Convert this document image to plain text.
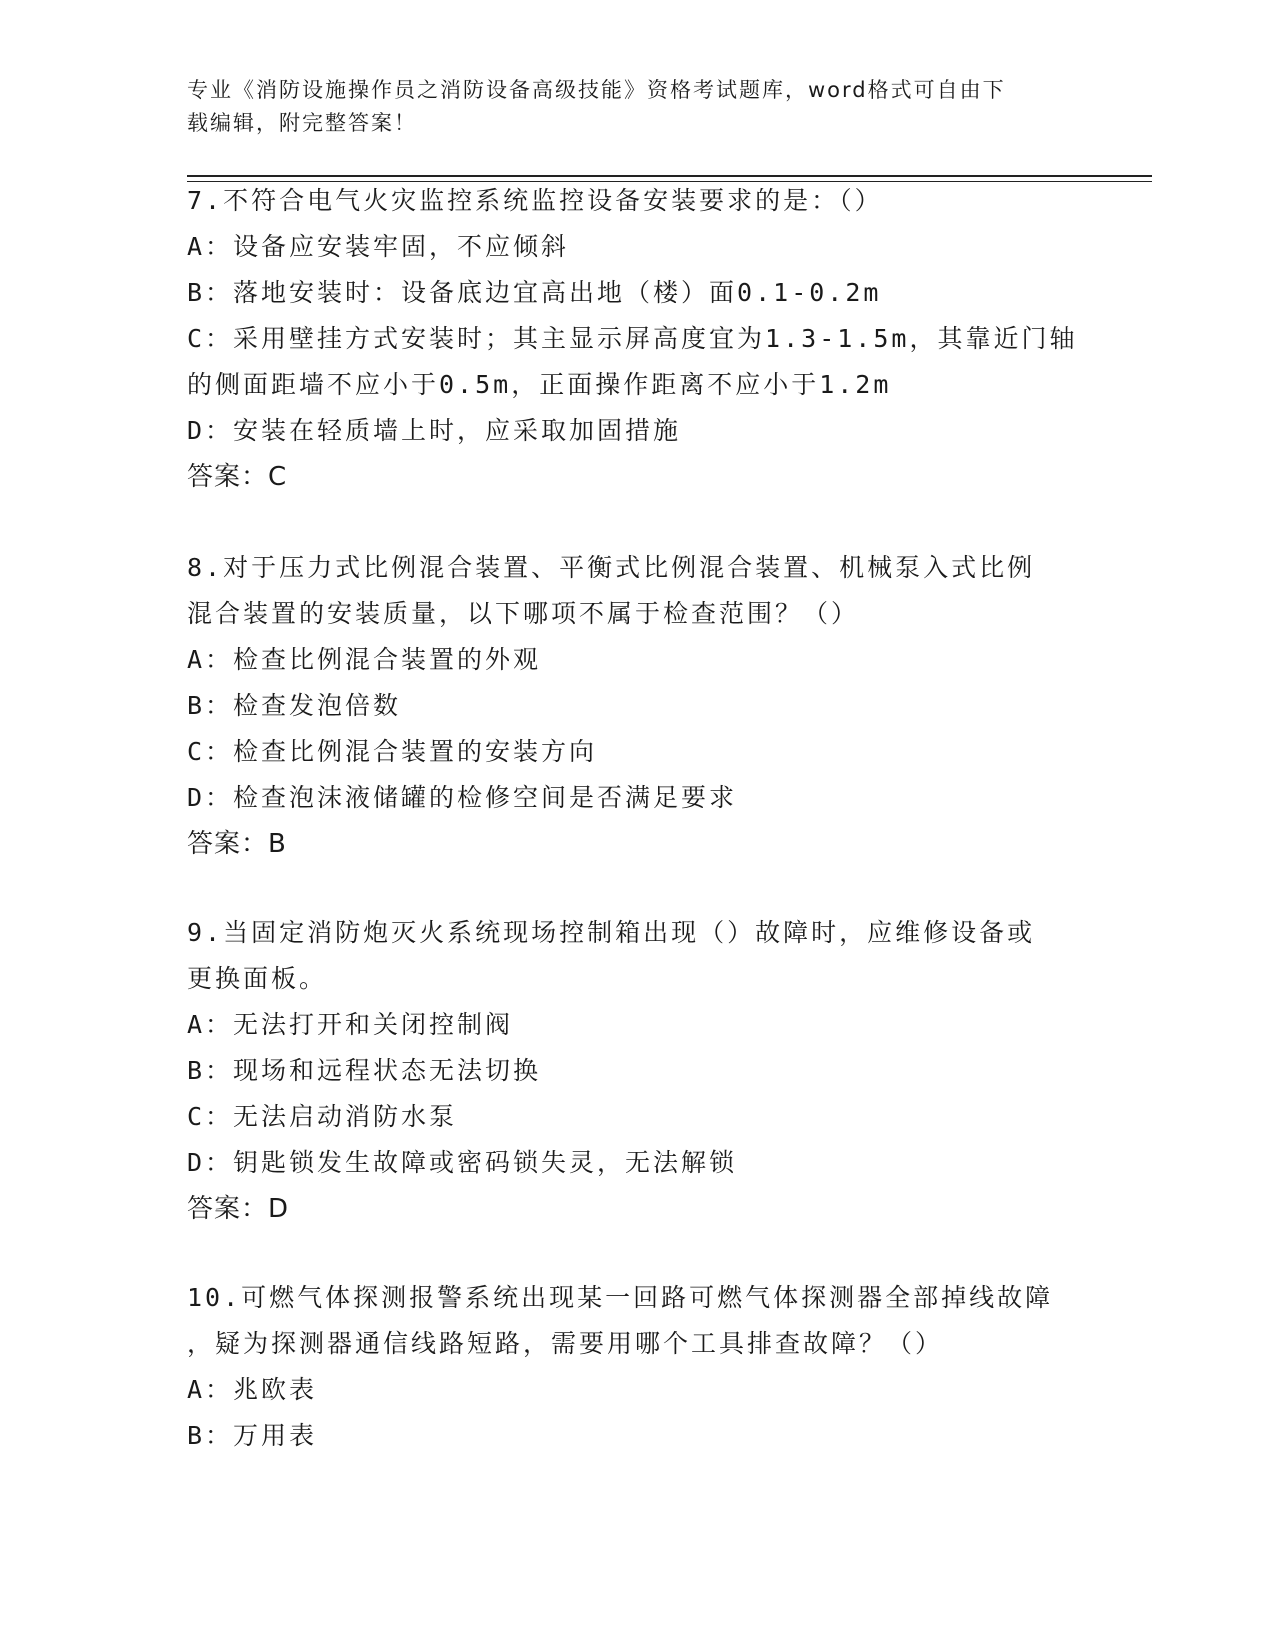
专业《消防设施操作员之消防设备高级技能》资格考试题库，word格式可自由下
载编辑，附完整答案！
7.不符合电气火灾监控系统监控设备安装要求的是：（）
A：设备应安装牢固，不应倾斜
B：落地安装时：设备底边宜高出地（楼）面0.1-0.2m
C：采用壁挂方式安装时；其主显示屏高度宜为1.3-1.5m，其靠近门轴
的侧面距墙不应小于0.5m，正面操作距离不应小于1.2m
D：安装在轻质墙上时，应采取加固措施
答案：C
8.对于压力式比例混合装置、平衡式比例混合装置、机械泵入式比例
混合装置的安装质量，以下哪项不属于检查范围？（）
A：检查比例混合装置的外观
B：检查发泡倍数
C：检查比例混合装置的安装方向
D：检查泡沫液储罐的检修空间是否满足要求
答案：B
9.当固定消防炮灭火系统现场控制箱出现（）故障时，应维修设备或
更换面板。
A：无法打开和关闭控制阀
B：现场和远程状态无法切换
C：无法启动消防水泵
D：钥匙锁发生故障或密码锁失灵，无法解锁
答案：D
10.可燃气体探测报警系统出现某一回路可燃气体探测器全部掉线故障
，疑为探测器通信线路短路，需要用哪个工具排查故障？（）
A：兆欧表
B：万用表
